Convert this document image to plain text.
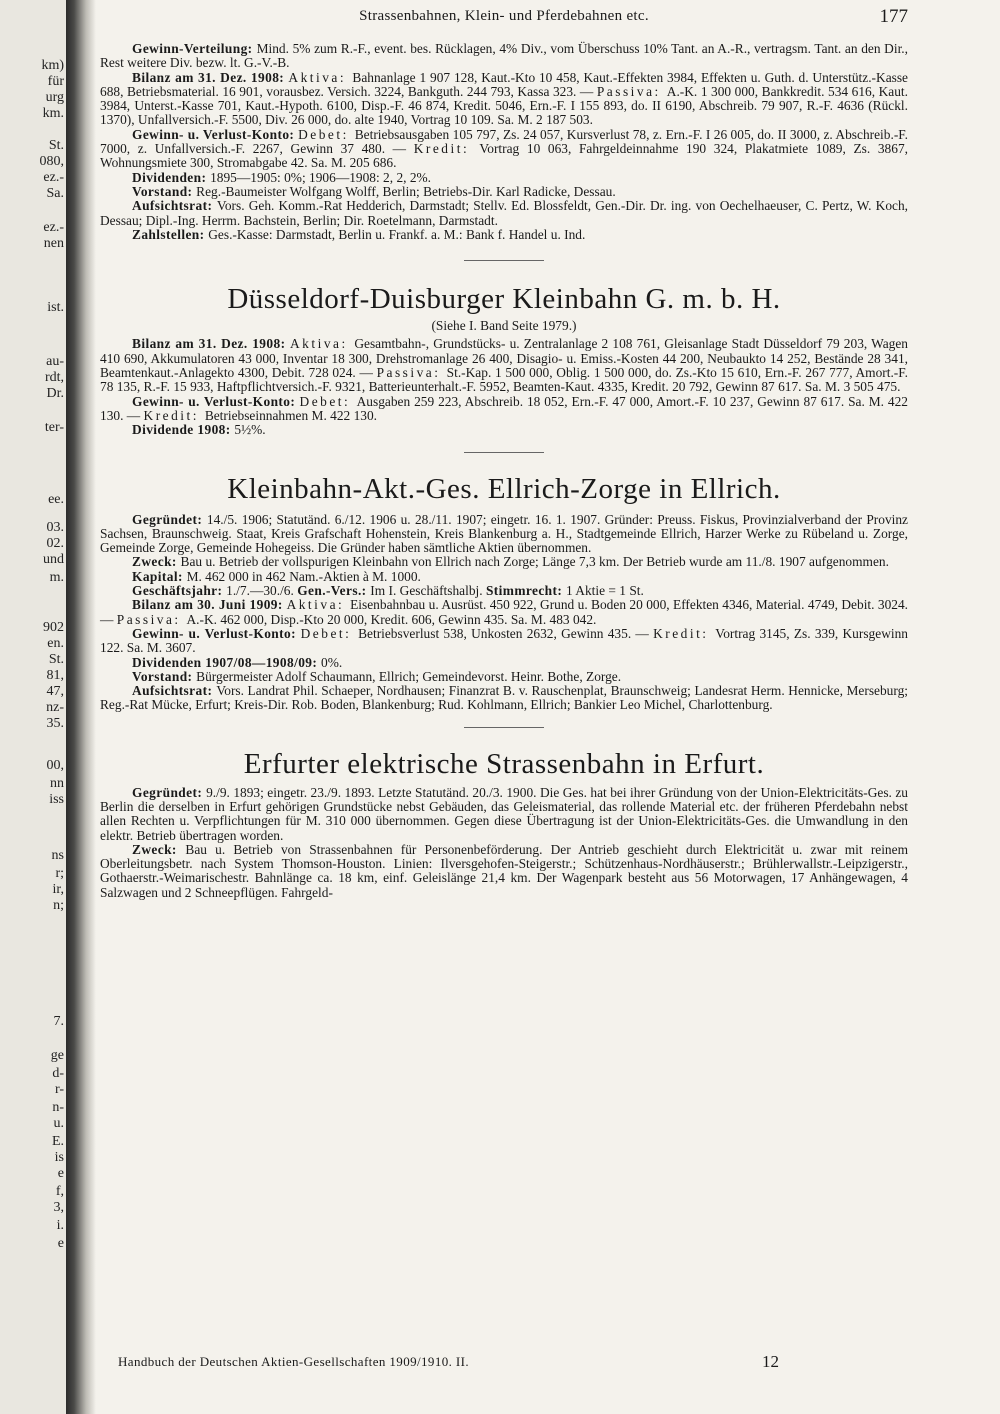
km)
für
urg
km.
St.
080,
ez.-
Sa.
ez.-
nen
ist.
au-
rdt,
Dr.
ter-
ee.
03.
02.
und
m.
902
en.
St.
81,
47,
nz-
35.
00,
nn
iss
ns
r;
ir,
n;
7.
ge
d-
r-
n-
u.
E.
is
e
f,
3,
i.
e
Strassenbahnen, Klein- und Pferdebahnen etc.	177

Gewinn-Verteilung: Mind. 5% zum R.-F., event. bes. Rücklagen, 4% Div., vom Überschuss 10% Tant. an A.-R., vertragsm. Tant. an den Dir., Rest weitere Div. bezw. lt. G.-V.-B.

Bilanz am 31. Dez. 1908: Aktiva: Bahnanlage 1 907 128, Kaut.-Kto 10 458, Kaut.-Effekten 3984, Effekten u. Guth. d. Unterstütz.-Kasse 688, Betriebsmaterial. 16 901, vorausbez. Versich. 3224, Bankguth. 244 793, Kassa 323. — Passiva: A.-K. 1 300 000, Bankkredit. 534 616, Kaut. 3984, Unterst.-Kasse 701, Kaut.-Hypoth. 6100, Disp.-F. 46 874, Kredit. 5046, Ern.-F. I 155 893, do. II 6190, Abschreib. 79 907, R.-F. 4636 (Rückl. 1370), Unfallversich.-F. 5500, Div. 26 000, do. alte 1940, Vortrag 10 109. Sa. M. 2 187 503.

Gewinn- u. Verlust-Konto: Debet: Betriebsausgaben 105 797, Zs. 24 057, Kursverlust 78, z. Ern.-F. I 26 005, do. II 3000, z. Abschreib.-F. 7000, z. Unfallversich.-F. 2267, Gewinn 37 480. — Kredit: Vortrag 10 063, Fahrgeldeinnahme 190 324, Plakatmiete 1089, Zs. 3867, Wohnungsmiete 300, Stromabgabe 42. Sa. M. 205 686.

Dividenden: 1895—1905: 0%; 1906—1908: 2, 2, 2%.

Vorstand: Reg.-Baumeister Wolfgang Wolff, Berlin; Betriebs-Dir. Karl Radicke, Dessau.

Aufsichtsrat: Vors. Geh. Komm.-Rat Hedderich, Darmstadt; Stellv. Ed. Blossfeldt, Gen.-Dir. Dr. ing. von Oechelhaeuser, C. Pertz, W. Koch, Dessau; Dipl.-Ing. Herrm. Bachstein, Berlin; Dir. Roetelmann, Darmstadt.

Zahlstellen: Ges.-Kasse: Darmstadt, Berlin u. Frankf. a. M.: Bank f. Handel u. Ind.

Düsseldorf-Duisburger Kleinbahn G. m. b. H.
(Siehe I. Band Seite 1979.)

Bilanz am 31. Dez. 1908: Aktiva: Gesamtbahn-, Grundstücks- u. Zentralanlage 2 108 761, Gleisanlage Stadt Düsseldorf 79 203, Wagen 410 690, Akkumulatoren 43 000, Inventar 18 300, Drehstromanlage 26 400, Disagio- u. Emiss.-Kosten 44 200, Neubaukto 14 252, Bestände 28 341, Beamtenkaut.-Anlagekto 4300, Debit. 728 024. — Passiva: St.-Kap. 1 500 000, Oblig. 1 500 000, do. Zs.-Kto 15 610, Ern.-F. 267 777, Amort.-F. 78 135, R.-F. 15 933, Haftpflichtversich.-F. 9321, Batterieunterhalt.-F. 5952, Beamten-Kaut. 4335, Kredit. 20 792, Gewinn 87 617. Sa. M. 3 505 475.

Gewinn- u. Verlust-Konto: Debet: Ausgaben 259 223, Abschreib. 18 052, Ern.-F. 47 000, Amort.-F. 10 237, Gewinn 87 617. Sa. M. 422 130. — Kredit: Betriebseinnahmen M. 422 130.

Dividende 1908: 5½%.

Kleinbahn-Akt.-Ges. Ellrich-Zorge in Ellrich.

Gegründet: 14./5. 1906; Statutänd. 6./12. 1906 u. 28./11. 1907; eingetr. 16. 1. 1907. Gründer: Preuss. Fiskus, Provinzialverband der Provinz Sachsen, Braunschweig. Staat, Kreis Grafschaft Hohenstein, Kreis Blankenburg a. H., Stadtgemeinde Ellrich, Harzer Werke zu Rübeland u. Zorge, Gemeinde Zorge, Gemeinde Hohegeiss. Die Gründer haben sämtliche Aktien übernommen.

Zweck: Bau u. Betrieb der vollspurigen Kleinbahn von Ellrich nach Zorge; Länge 7,3 km. Der Betrieb wurde am 11./8. 1907 aufgenommen.

Kapital: M. 462 000 in 462 Nam.-Aktien à M. 1000.

Geschäftsjahr: 1./7.—30./6. Gen.-Vers.: Im I. Geschäftshalbj. Stimmrecht: 1 Aktie = 1 St.

Bilanz am 30. Juni 1909: Aktiva: Eisenbahnbau u. Ausrüst. 450 922, Grund u. Boden 20 000, Effekten 4346, Material. 4749, Debit. 3024. — Passiva: A.-K. 462 000, Disp.-Kto 20 000, Kredit. 606, Gewinn 435. Sa. M. 483 042.

Gewinn- u. Verlust-Konto: Debet: Betriebsverlust 538, Unkosten 2632, Gewinn 435. — Kredit: Vortrag 3145, Zs. 339, Kursgewinn 122. Sa. M. 3607.

Dividenden 1907/08—1908/09: 0%.

Vorstand: Bürgermeister Adolf Schaumann, Ellrich; Gemeindevorst. Heinr. Bothe, Zorge.

Aufsichtsrat: Vors. Landrat Phil. Schaeper, Nordhausen; Finanzrat B. v. Rauschenplat, Braunschweig; Landesrat Herm. Hennicke, Merseburg; Reg.-Rat Mücke, Erfurt; Kreis-Dir. Rob. Boden, Blankenburg; Rud. Kohlmann, Ellrich; Bankier Leo Michel, Charlottenburg.

Erfurter elektrische Strassenbahn in Erfurt.

Gegründet: 9./9. 1893; eingetr. 23./9. 1893. Letzte Statutänd. 20./3. 1900. Die Ges. hat bei ihrer Gründung von der Union-Elektricitäts-Ges. zu Berlin die derselben in Erfurt gehörigen Grundstücke nebst Gebäuden, das Geleismaterial, das rollende Material etc. der früheren Pferdebahn nebst allen Rechten u. Verpflichtungen für M. 310 000 übernommen. Gegen diese Übertragung ist der Union-Elektricitäts-Ges. die Umwandlung in den elektr. Betrieb übertragen worden.

Zweck: Bau u. Betrieb von Strassenbahnen für Personenbeförderung. Der Antrieb geschieht durch Elektricität u. zwar mit reinem Oberleitungsbetr. nach System Thomson-Houston. Linien: Ilversgehofen-Steigerstr.; Schützenhaus-Nordhäuserstr.; Brühlerwallstr.-Leipzigerstr., Gothaerstr.-Weimarischestr. Bahnlänge ca. 18 km, einf. Geleislänge 21,4 km. Der Wagenpark besteht aus 56 Motorwagen, 17 Anhängewagen, 4 Salzwagen und 2 Schneepflügen. Fahrgeld-

Handbuch der Deutschen Aktien-Gesellschaften 1909/1910. II.	12
